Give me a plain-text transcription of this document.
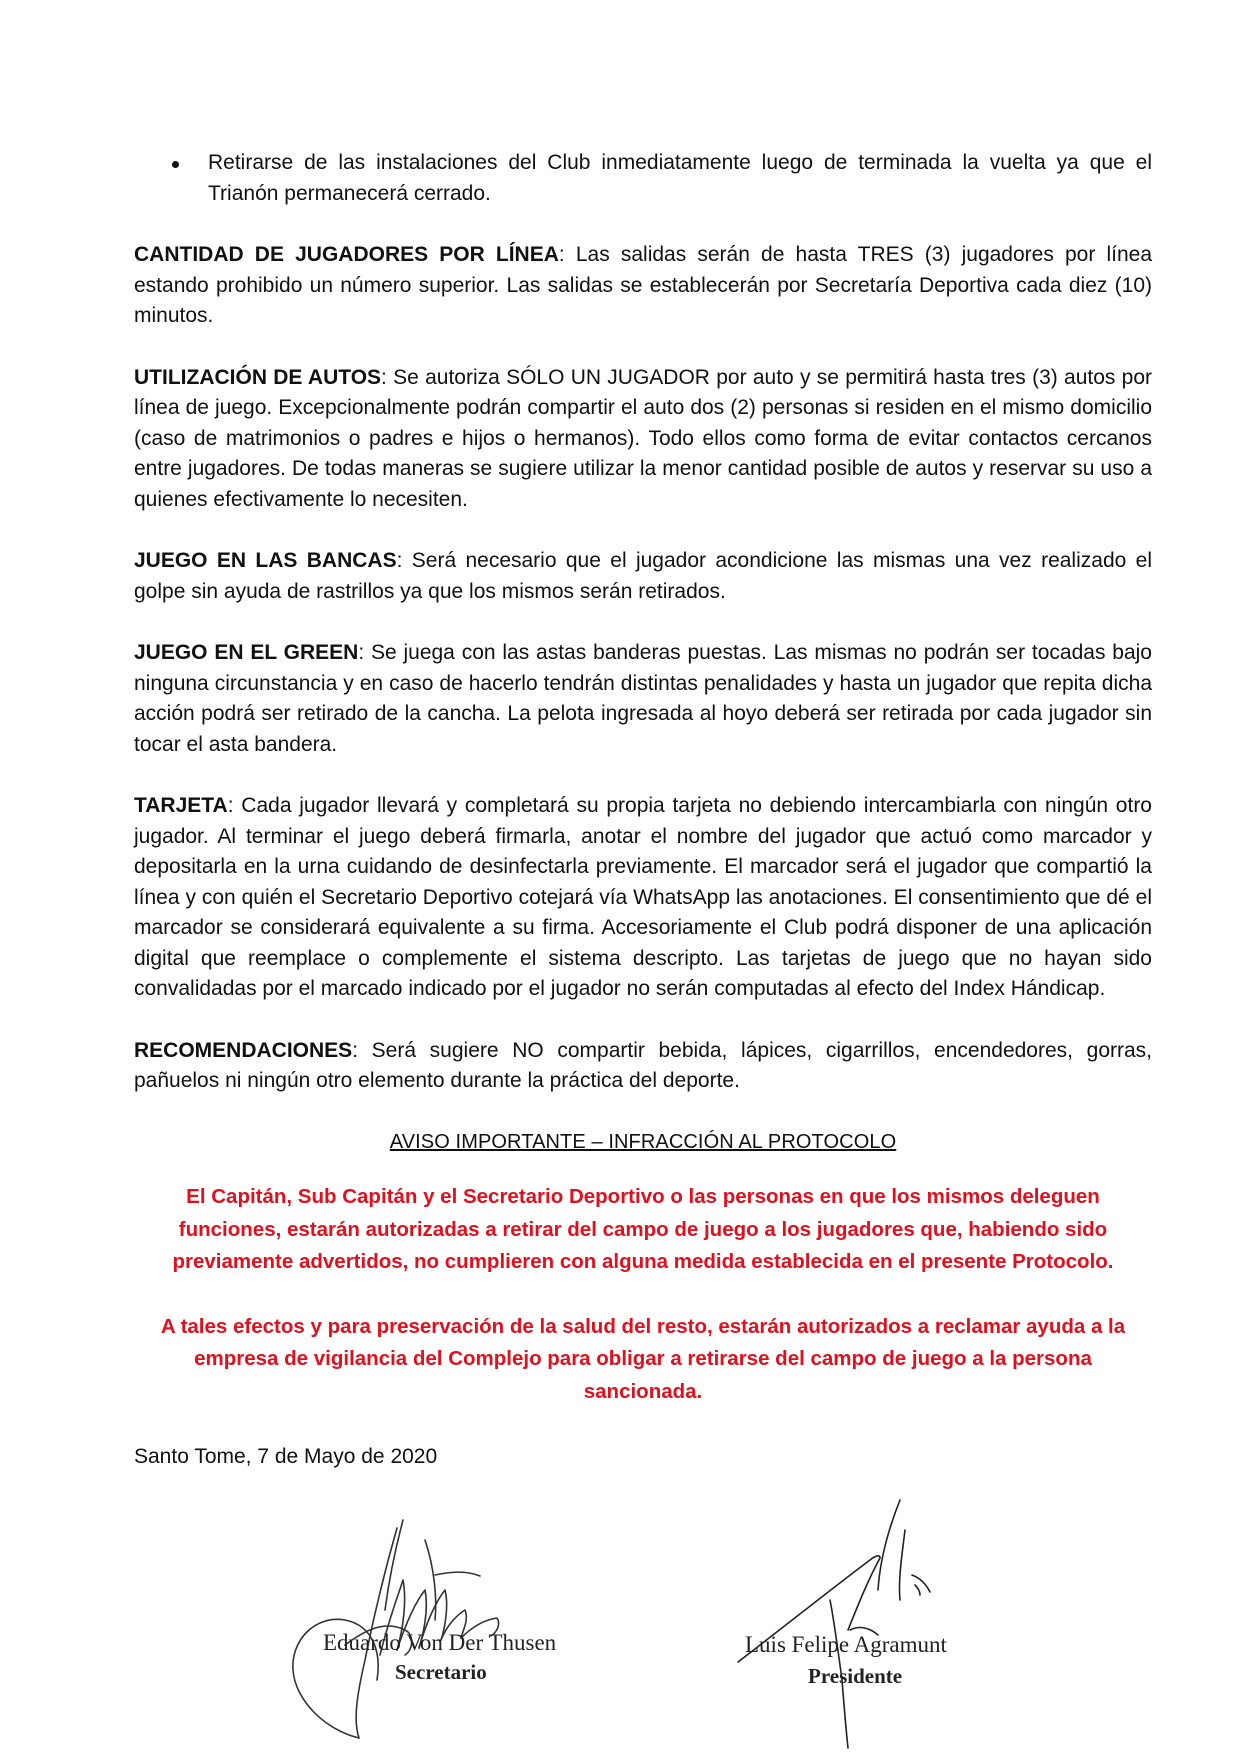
Retirarse de las instalaciones del Club inmediatamente luego de terminada la vuelta ya que el Trianón permanecerá cerrado.

CANTIDAD DE JUGADORES POR LÍNEA: Las salidas serán de hasta TRES (3) jugadores por línea estando prohibido un número superior. Las salidas se establecerán por Secretaría Deportiva cada diez (10) minutos.

UTILIZACIÓN DE AUTOS: Se autoriza SÓLO UN JUGADOR por auto y se permitirá hasta tres (3) autos por línea de juego. Excepcionalmente podrán compartir el auto dos (2) personas si residen en el mismo domicilio (caso de matrimonios o padres e hijos o hermanos). Todo ellos como forma de evitar contactos cercanos entre jugadores. De todas maneras se sugiere utilizar la menor cantidad posible de autos y reservar su uso a quienes efectivamente lo necesiten.

JUEGO EN LAS BANCAS: Será necesario que el jugador acondicione las mismas una vez realizado el golpe sin ayuda de rastrillos ya que los mismos serán retirados.

JUEGO EN EL GREEN: Se juega con las astas banderas puestas. Las mismas no podrán ser tocadas bajo ninguna circunstancia y en caso de hacerlo tendrán distintas penalidades y hasta un jugador que repita dicha acción podrá ser retirado de la cancha. La pelota ingresada al hoyo deberá ser retirada por cada jugador sin tocar el asta bandera.

TARJETA: Cada jugador llevará y completará su propia tarjeta no debiendo intercambiarla con ningún otro jugador. Al terminar el juego deberá firmarla, anotar el nombre del jugador que actuó como marcador y depositarla en la urna cuidando de desinfectarla previamente. El marcador será el jugador que compartió la línea y con quién el Secretario Deportivo cotejará vía WhatsApp las anotaciones. El consentimiento que dé el marcador se considerará equivalente a su firma. Accesoriamente el Club podrá disponer de una aplicación digital que reemplace o complemente el sistema descripto. Las tarjetas de juego que no hayan sido convalidadas por el marcado indicado por el jugador no serán computadas al efecto del Index Hándicap.

RECOMENDACIONES: Será sugiere NO compartir bebida, lápices, cigarrillos, encendedores, gorras, pañuelos ni ningún otro elemento durante la práctica del deporte.

AVISO IMPORTANTE – INFRACCIÓN AL PROTOCOLO

El Capitán, Sub Capitán y el Secretario Deportivo o las personas en que los mismos deleguen funciones, estarán autorizadas a retirar del campo de juego a los jugadores que, habiendo sido previamente advertidos, no cumplieren con alguna medida establecida en el presente Protocolo.

A tales efectos y para preservación de la salud del resto, estarán autorizados a reclamar ayuda a la empresa de vigilancia del Complejo para obligar a retirarse del campo de juego a la persona sancionada.

Santo Tome, 7 de Mayo de 2020

Eduardo Von Der Thusen
Secretario
Luis Felipe Agramunt
Presidente
